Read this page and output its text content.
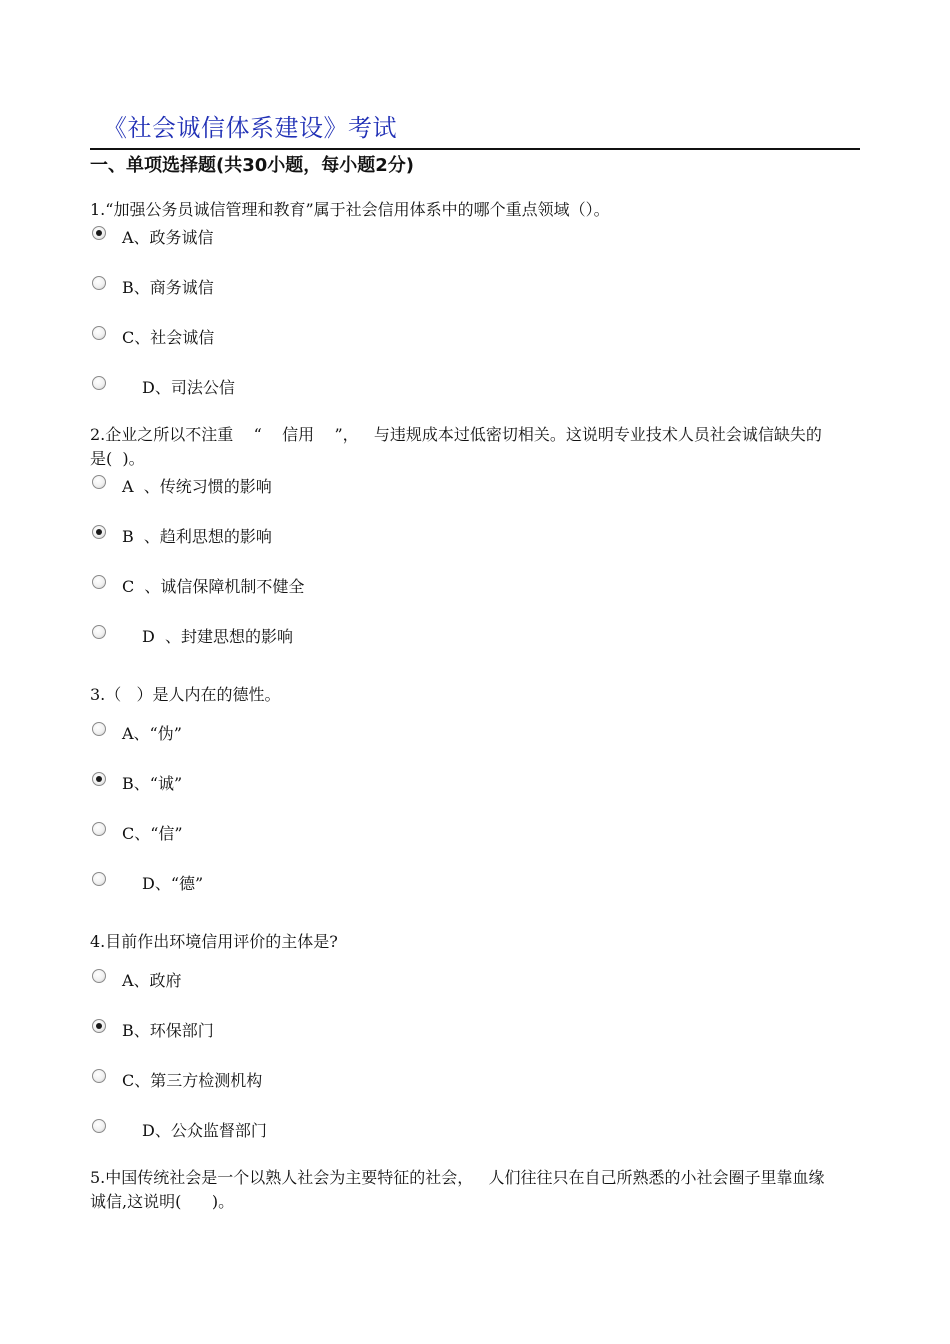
《社会诚信体系建设》考试
一、单项选择题(共30小题，每小题2分)
1.“加强公务员诚信管理和教育”属于社会信用体系中的哪个重点领域（）。
A、政务诚信
B、商务诚信
C、社会诚信
D、司法公信
2.企业之所以不注重    “    信用    ”，   与违规成本过低密切相关。这说明专业技术人员社会诚信缺失的
是(  )。
A  、传统习惯的影响
B  、趋利思想的影响
C  、诚信保障机制不健全
D  、封建思想的影响
3.（   ）是人内在的德性。
A、“伪”
B、“诚”
C、“信”
D、“德”
4.目前作出环境信用评价的主体是?
A、政府
B、环保部门
C、第三方检测机构
D、公众监督部门
5.中国传统社会是一个以熟人社会为主要特征的社会，   人们往往只在自己所熟悉的小社会圈子里靠血缘
诚信,这说明(      )。
